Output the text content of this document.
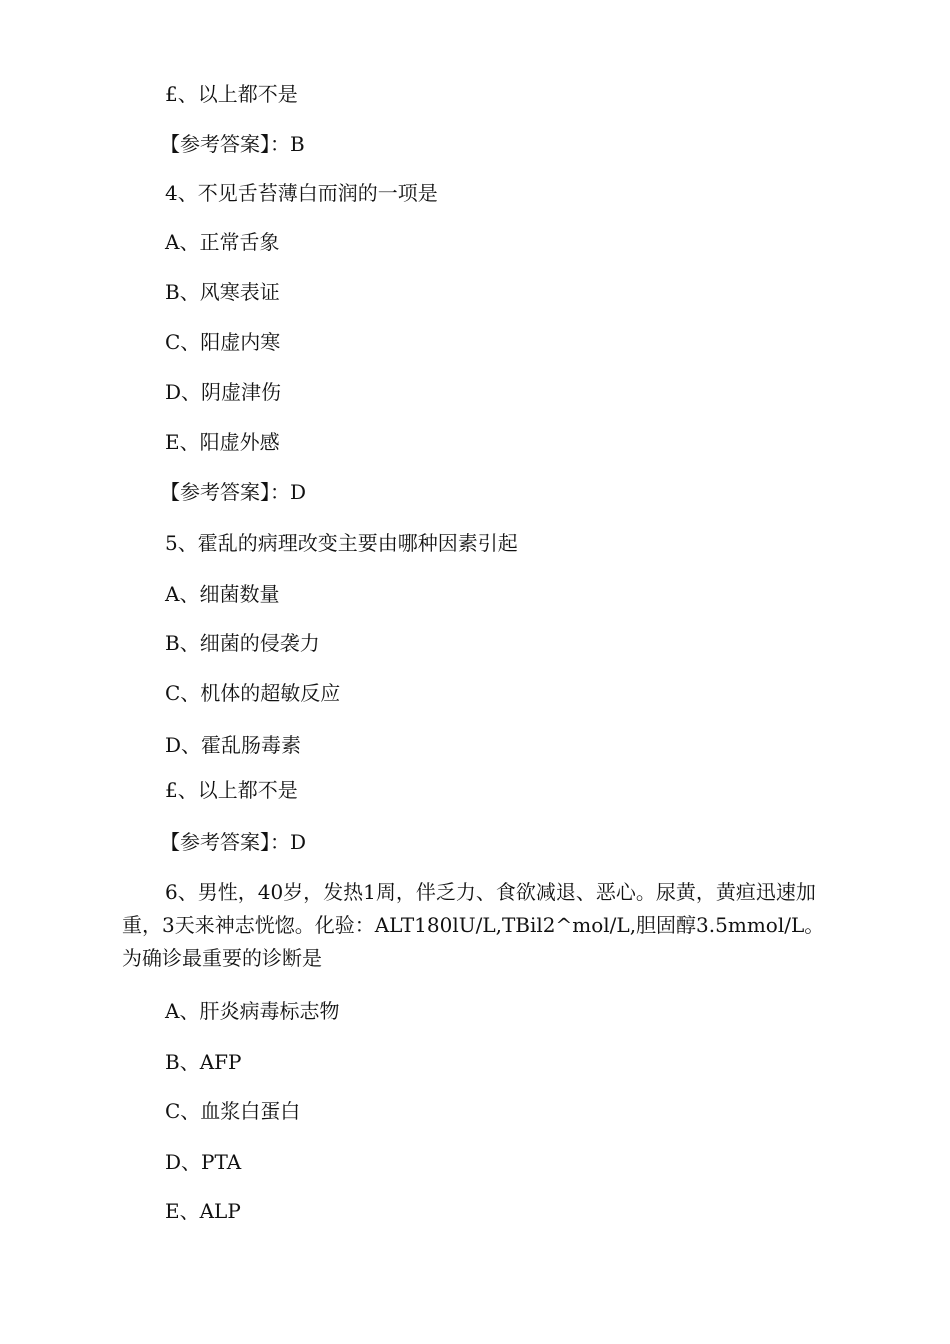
£、以上都不是
【参考答案】：B
4、不见舌苔薄白而润的一项是
A、正常舌象
B、风寒表证
C、阳虚内寒
D、阴虚津伤
E、阳虚外感
【参考答案】：D
5、霍乱的病理改变主要由哪种因素引起
A、细菌数量
B、细菌的侵袭力
C、机体的超敏反应
D、霍乱肠毒素
£、以上都不是
【参考答案】：D
6、男性，40岁，发热1周，伴乏力、食欲减退、恶心。尿黄，黄疸迅速加重，3天来神志恍惚。化验：ALT180lU/L,TBil2^mol/L,胆固醇3.5mmol/L。为确诊最重要的诊断是
A、肝炎病毒标志物
B、AFP
C、血浆白蛋白
D、PTA
E、ALP
